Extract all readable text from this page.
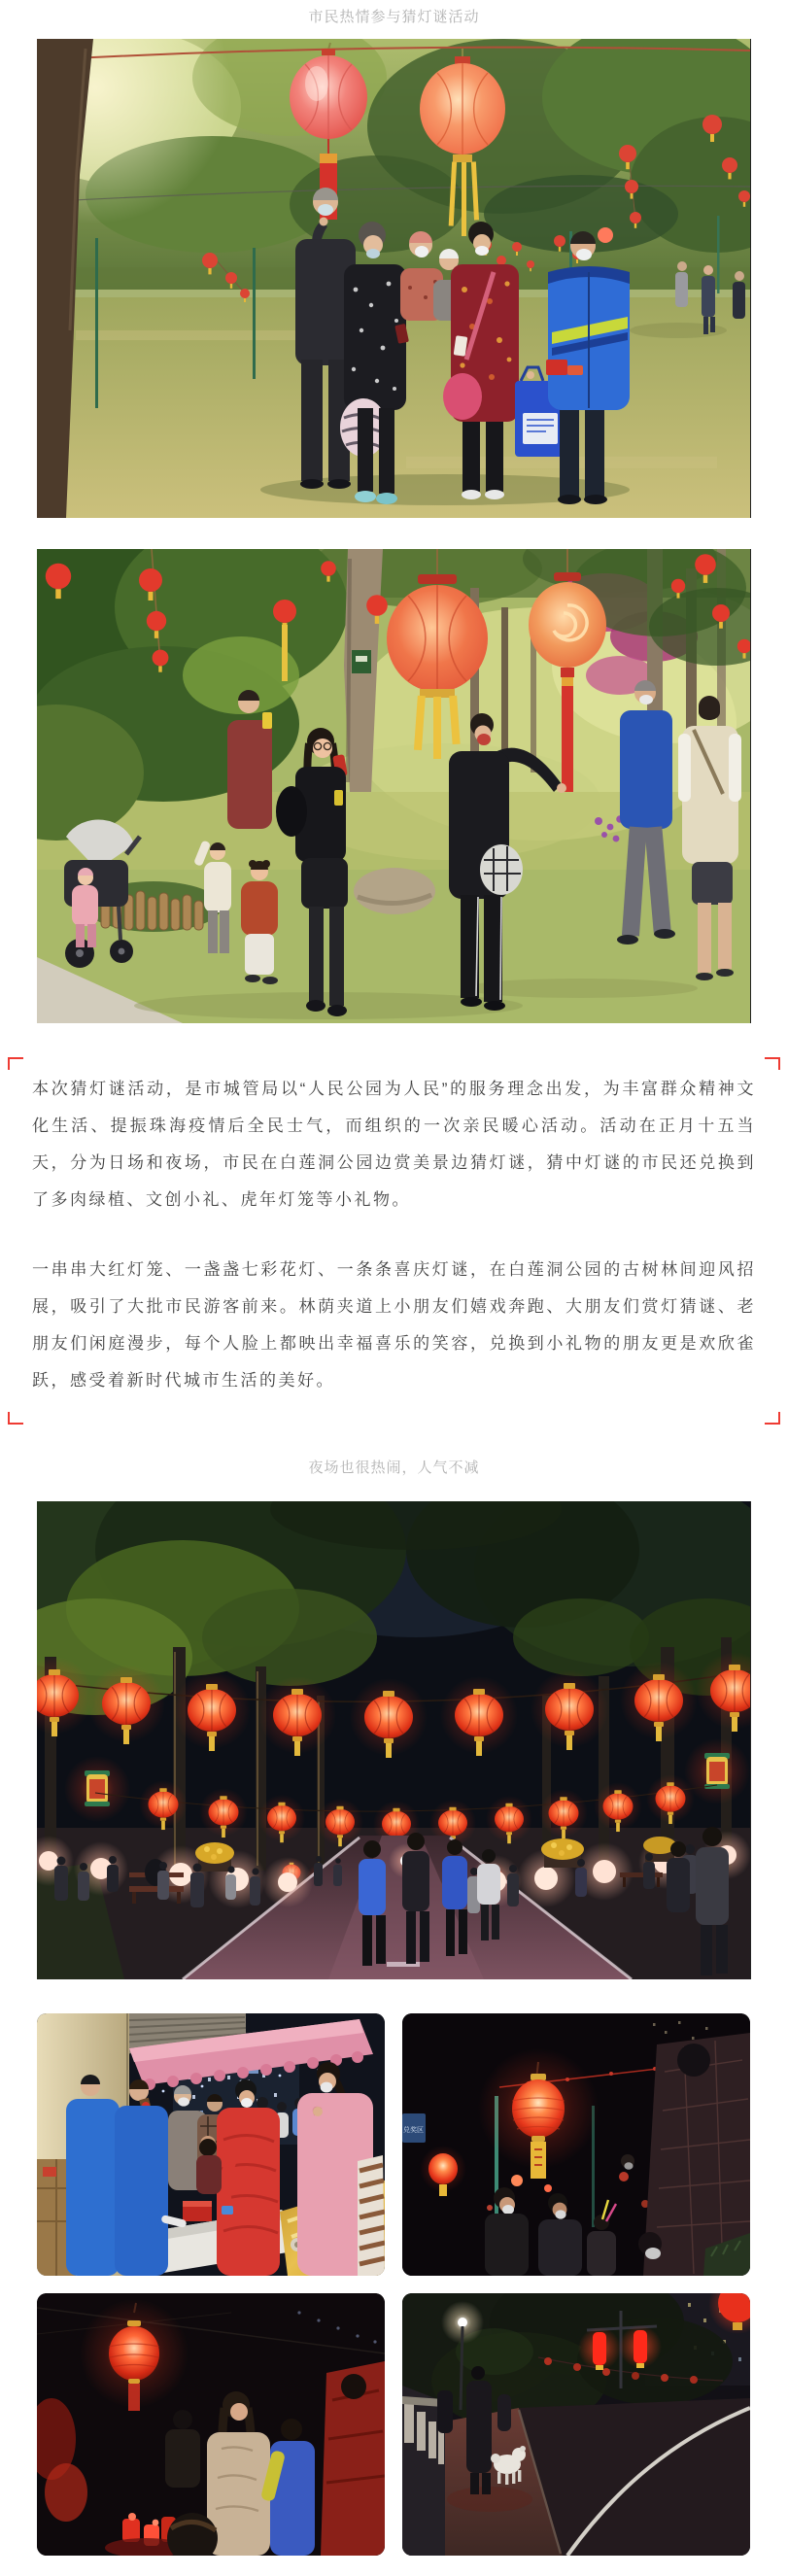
市民热情参与猜灯谜活动

本次猜灯谜活动，是市城管局以“人民公园为人民”的服务理念出发，为丰富群众精神文化生活、提振珠海疫情后全民士气，而组织的一次亲民暖心活动。活动在正月十五当天，分为日场和夜场，市民在白莲洞公园边赏美景边猜灯谜，猜中灯谜的市民还兑换到了多肉绿植、文创小礼、虎年灯笼等小礼物。

一串串大红灯笼、一盏盏七彩花灯、一条条喜庆灯谜，在白莲洞公园的古树林间迎风招展，吸引了大批市民游客前来。林荫夹道上小朋友们嬉戏奔跑、大朋友们赏灯猜谜、老朋友们闲庭漫步，每个人脸上都映出幸福喜乐的笑容，兑换到小礼物的朋友更是欢欣雀跃，感受着新时代城市生活的美好。

夜场也很热闹，人气不减

兑奖区
